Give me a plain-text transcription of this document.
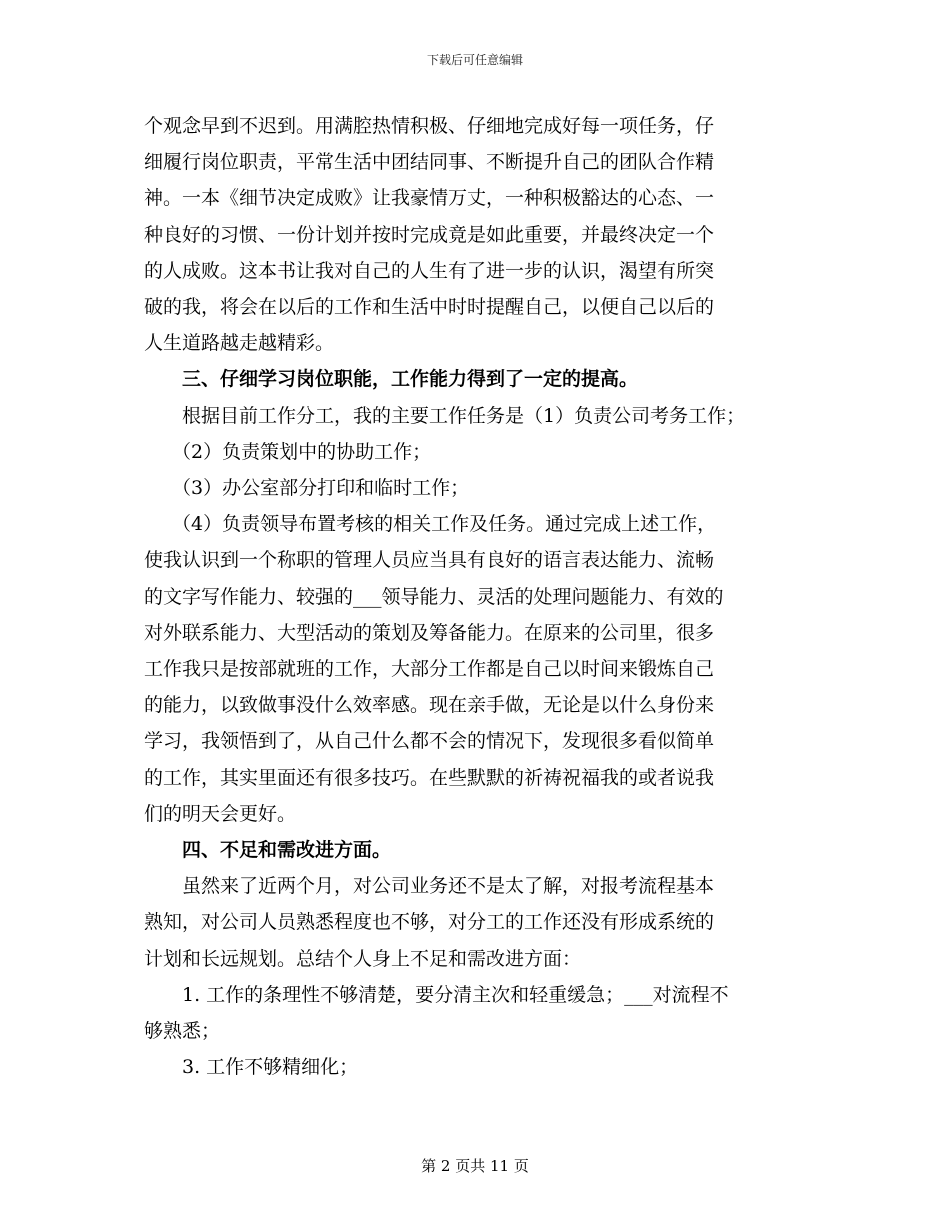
下载后可任意编辑

个观念早到不迟到。用满腔热情积极、仔细地完成好每一项任务，仔

细履行岗位职责，平常生活中团结同事、不断提升自己的团队合作精

神。一本《细节决定成败》让我豪情万丈，一种积极豁达的心态、一

种良好的习惯、一份计划并按时完成竟是如此重要，并最终决定一个

的人成败。这本书让我对自己的人生有了进一步的认识，渴望有所突

破的我，将会在以后的工作和生活中时时提醒自己，以便自己以后的

人生道路越走越精彩。

三、仔细学习岗位职能，工作能力得到了一定的提高。

根据目前工作分工，我的主要工作任务是（1）负责公司考务工作；

（2）负责策划中的协助工作；

（3）办公室部分打印和临时工作；

（4）负责领导布置考核的相关工作及任务。通过完成上述工作，

使我认识到一个称职的管理人员应当具有良好的语言表达能力、流畅

的文字写作能力、较强的___领导能力、灵活的处理问题能力、有效的

对外联系能力、大型活动的策划及筹备能力。在原来的公司里，很多

工作我只是按部就班的工作，大部分工作都是自己以时间来锻炼自己

的能力，以致做事没什么效率感。现在亲手做，无论是以什么身份来

学习，我领悟到了，从自己什么都不会的情况下，发现很多看似简单

的工作，其实里面还有很多技巧。在些默默的祈祷祝福我的或者说我

们的明天会更好。

四、不足和需改进方面。

虽然来了近两个月，对公司业务还不是太了解，对报考流程基本

熟知，对公司人员熟悉程度也不够，对分工的工作还没有形成系统的

计划和长远规划。总结个人身上不足和需改进方面：

1. 工作的条理性不够清楚，要分清主次和轻重缓急；___对流程不

够熟悉；

3. 工作不够精细化；

第 2 页共 11 页
